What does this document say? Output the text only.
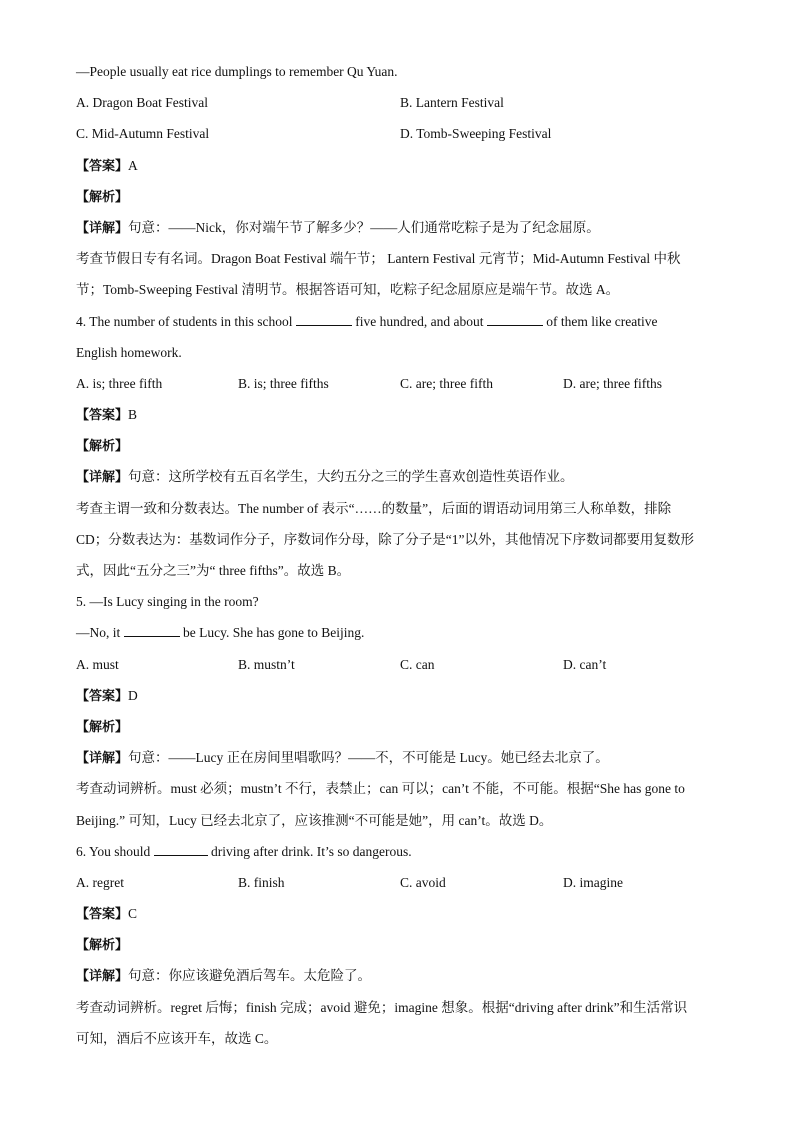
—People usually eat rice dumplings to remember Qu Yuan.
A. Dragon Boat Festival	B. Lantern Festival
C. Mid-Autumn Festival	D. Tomb-Sweeping Festival
【答案】A
【解析】
【详解】句意：——Nick，你对端午节了解多少？——人们通常吃粽子是为了纪念屈原。
考查节假日专有名词。Dragon Boat Festival 端午节； Lantern Festival 元宵节；Mid-Autumn Festival 中秋
节；Tomb-Sweeping Festival 清明节。根据答语可知，吃粽子纪念屈原应是端午节。故选 A。
4. The number of students in this school	five hundred, and about	of them like creative
English homework.
A. is; three fifth	B. is; three fifths	C. are; three fifth	D. are; three fifths
【答案】B
【解析】
【详解】句意：这所学校有五百名学生，大约五分之三的学生喜欢创造性英语作业。
考查主谓一致和分数表达。The number of 表示“……的数量”，后面的谓语动词用第三人称单数，排除
CD；分数表达为：基数词作分子，序数词作分母，除了分子是“1”以外，其他情况下序数词都要用复数形
式，因此“五分之三”为“ three fifths”。故选 B。
5. —Is Lucy singing in the room?
—No, it	be Lucy. She has gone to Beijing.
A. must	B. mustn’t	C. can	D. can’t
【答案】D
【解析】
【详解】句意：——Lucy 正在房间里唱歌吗？——不，不可能是 Lucy。她已经去北京了。
考查动词辨析。must 必须；mustn’t 不行，表禁止；can 可以；can’t 不能，不可能。根据“She has gone to
Beijing.” 可知，Lucy 已经去北京了，应该推测“不可能是她”，用 can’t。故选 D。
6. You should	driving after drink. It’s so dangerous.
A. regret	B. finish	C. avoid	D. imagine
【答案】C
【解析】
【详解】句意：你应该避免酒后驾车。太危险了。
考查动词辨析。regret 后悔；finish 完成；avoid 避免；imagine 想象。根据“driving after drink”和生活常识
可知，酒后不应该开车，故选 C。
